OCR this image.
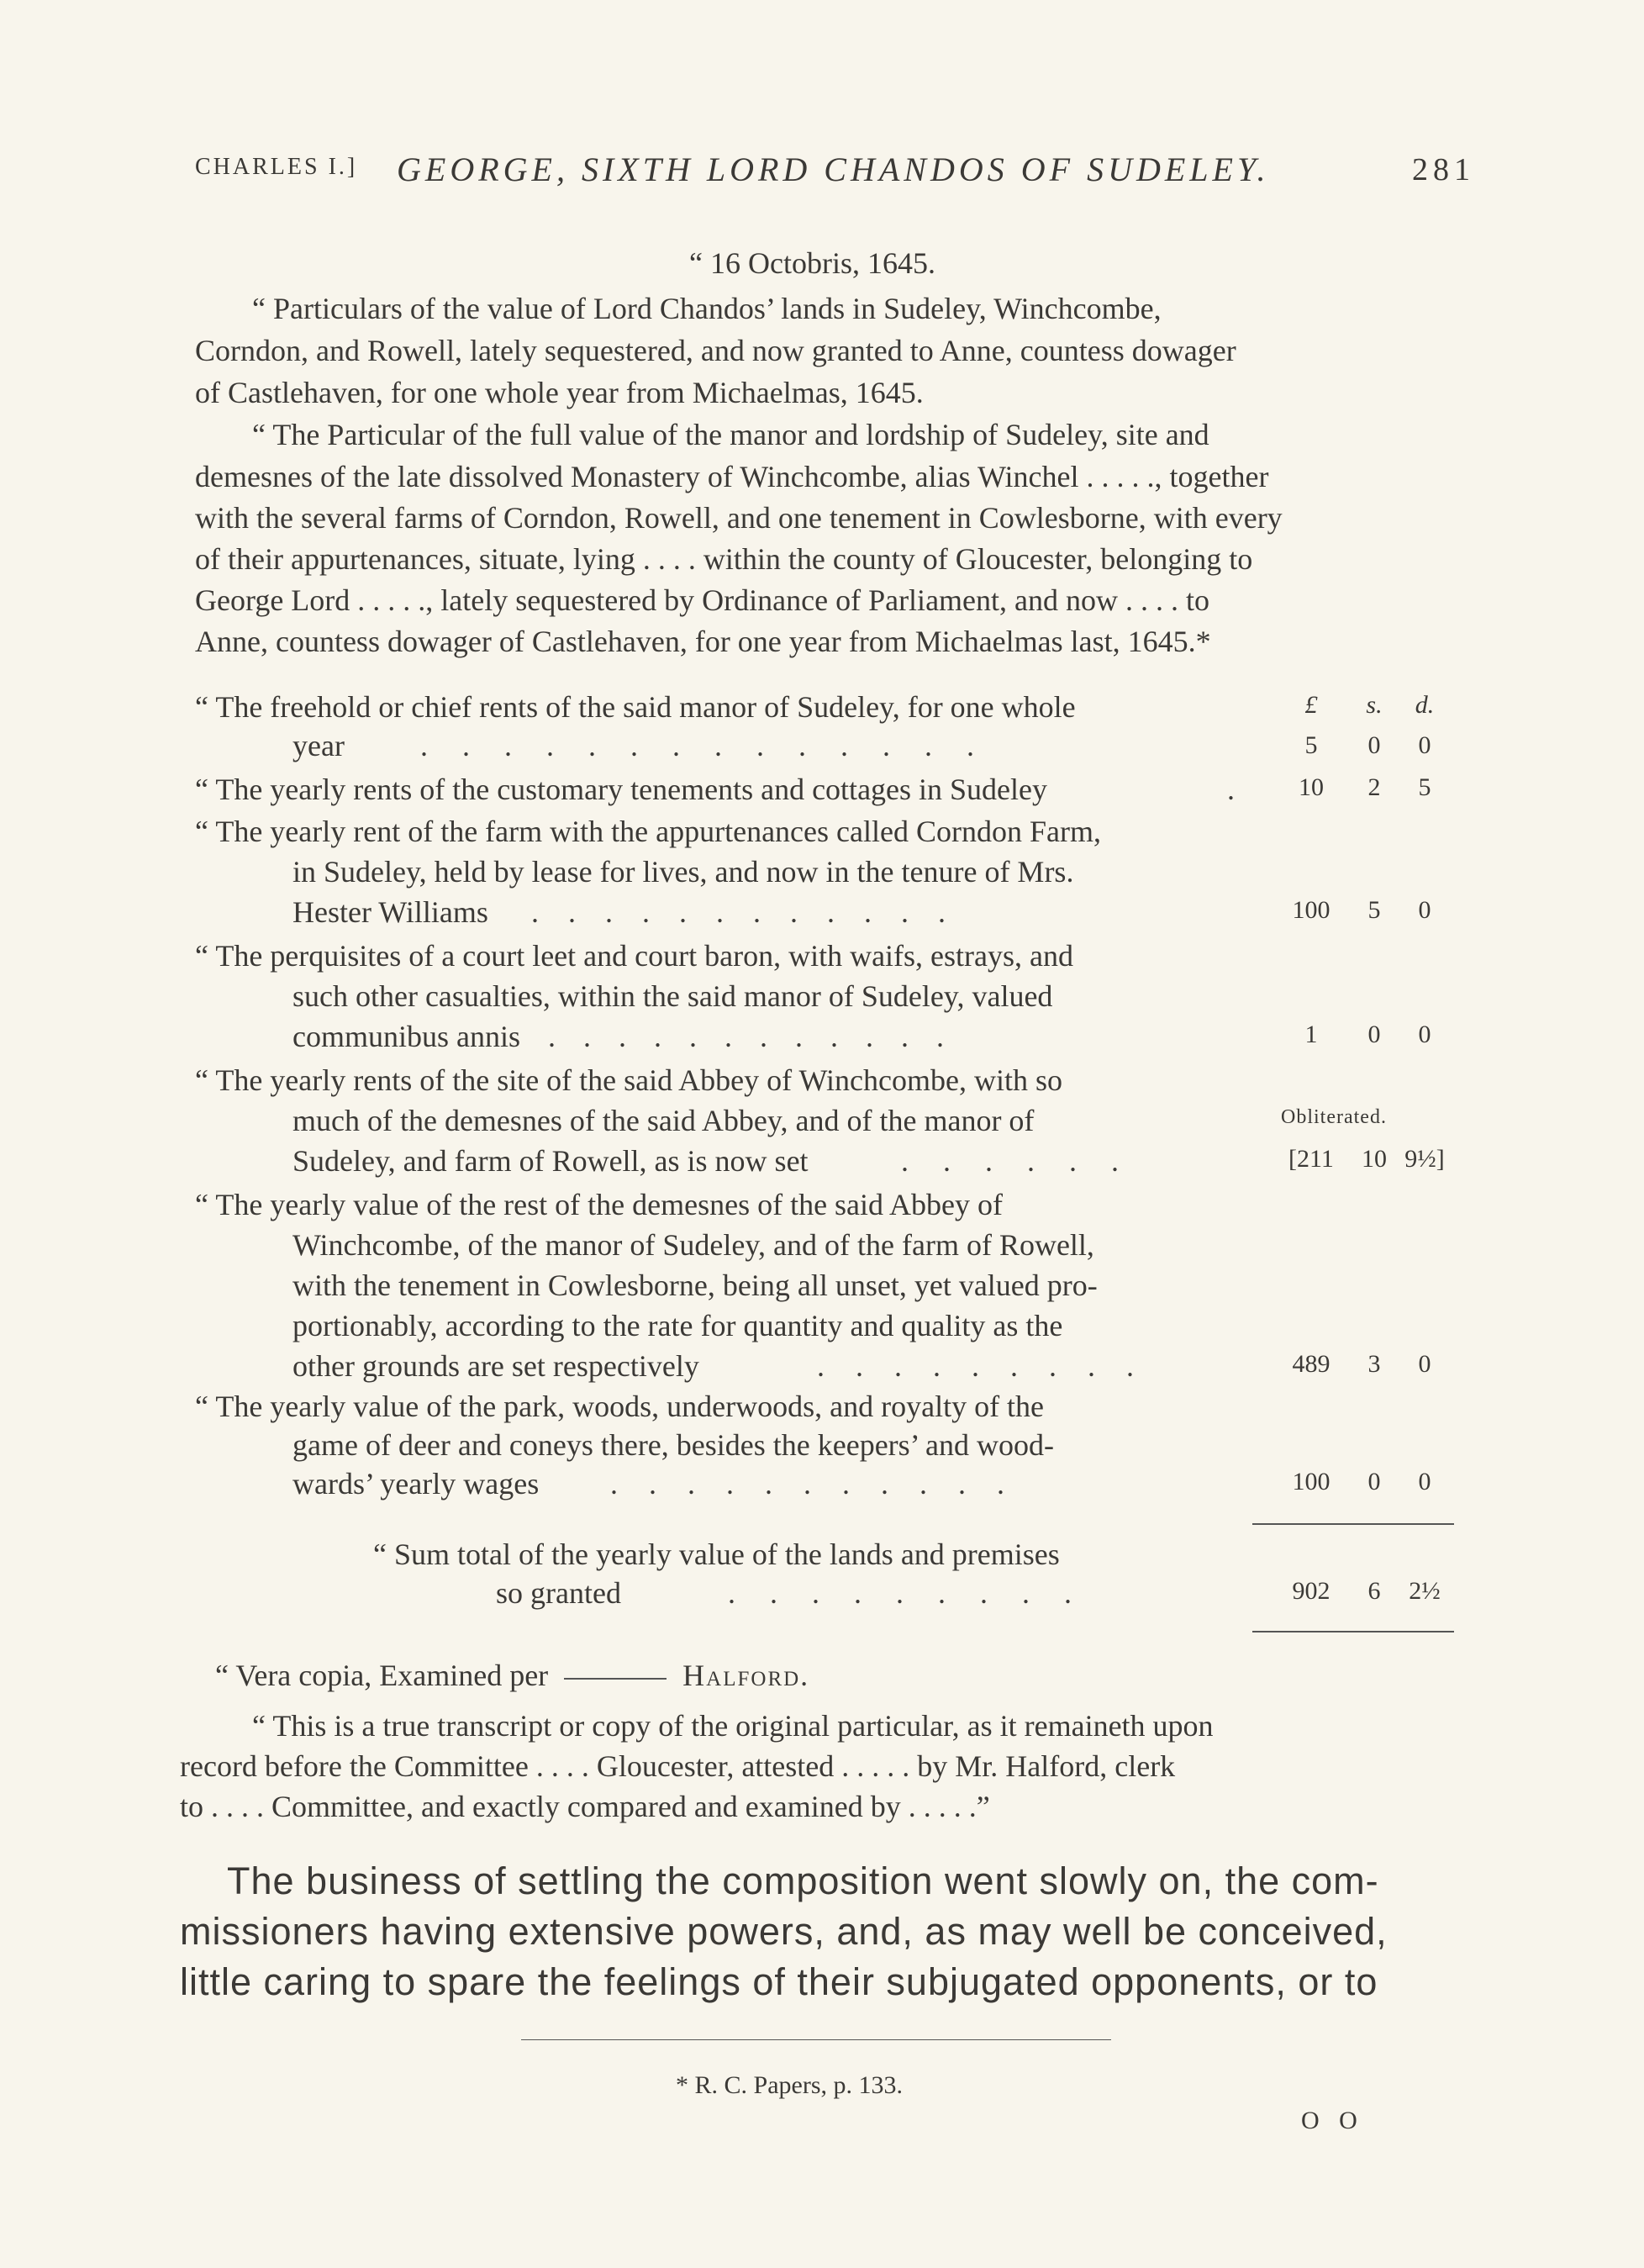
CHARLES I.] GEORGE, SIXTH LORD CHANDOS OF SUDELEY.	281
“ 16 Octobris, 1645.
“ Particulars of the value of Lord Chandos’ lands in Sudeley, Winchcombe,
Corndon, and Rowell, lately sequestered, and now granted to Anne, countess dowager
of Castlehaven, for one whole year from Michaelmas, 1645.
“ The Particular of the full value of the manor and lordship of Sudeley, site and
demesnes of the late dissolved Monastery of Winchcombe, alias Winchel . . . . ., together
with the several farms of Corndon, Rowell, and one tenement in Cowlesborne, with every
of their appurtenances, situate, lying . . . . within the county of Gloucester, belonging to
George Lord . . . . ., lately sequestered by Ordinance of Parliament, and now . . . . to
Anne, countess dowager of Castlehaven, for one year from Michaelmas last, 1645.*
£	s.	d.
“ The freehold or chief rents of the said manor of Sudeley, for one whole
year	. . . . . . . . . . . . . .	5	0	0
“ The yearly rents of the customary tenements and cottages in Sudeley	.	10	2	5
“ The yearly rent of the farm with the appurtenances called Corndon Farm,
in Sudeley, held by lease for lives, and now in the tenure of Mrs.
Hester Williams . . . . . . . . . . . .	100	5	0
“ The perquisites of a court leet and court baron, with waifs, estrays, and
such other casualties, within the said manor of Sudeley, valued
communibus annis . . . . . . . . . . . .	1	0	0
“ The yearly rents of the site of the said Abbey of Winchcombe, with so
much of the demesnes of the said Abbey, and of the manor of
Sudeley, and farm of Rowell, as is now set	. . . . . .
Obliterated.
[211	10 9½]
“ The yearly value of the rest of the demesnes of the said Abbey of
Winchcombe, of the manor of Sudeley, and of the farm of Rowell,
with the tenement in Cowlesborne, being all unset, yet valued pro-
portionably, according to the rate for quantity and quality as the
other grounds are set respectively	. . . . . . . . .	489	3	0
“ The yearly value of the park, woods, underwoods, and royalty of the
game of deer and coneys there, besides the keepers’ and wood-
wards’ yearly wages . . . . . . . . . . .	100	0	0
“ Sum total of the yearly value of the lands and premises
so granted	. . . . . . . . .	902	6	2½
“ Vera copia, Examined per	Halford.
“ This is a true transcript or copy of the original particular, as it remaineth upon
record before the Committee . . . . Gloucester, attested . . . . . by Mr. Halford, clerk
to . . . . Committee, and exactly compared and examined by . . . . .”
The business of settling the composition went slowly on, the com-
missioners having extensive powers, and, as may well be conceived,
little caring to spare the feelings of their subjugated opponents, or to
* R. C. Papers, p. 133.
O O
